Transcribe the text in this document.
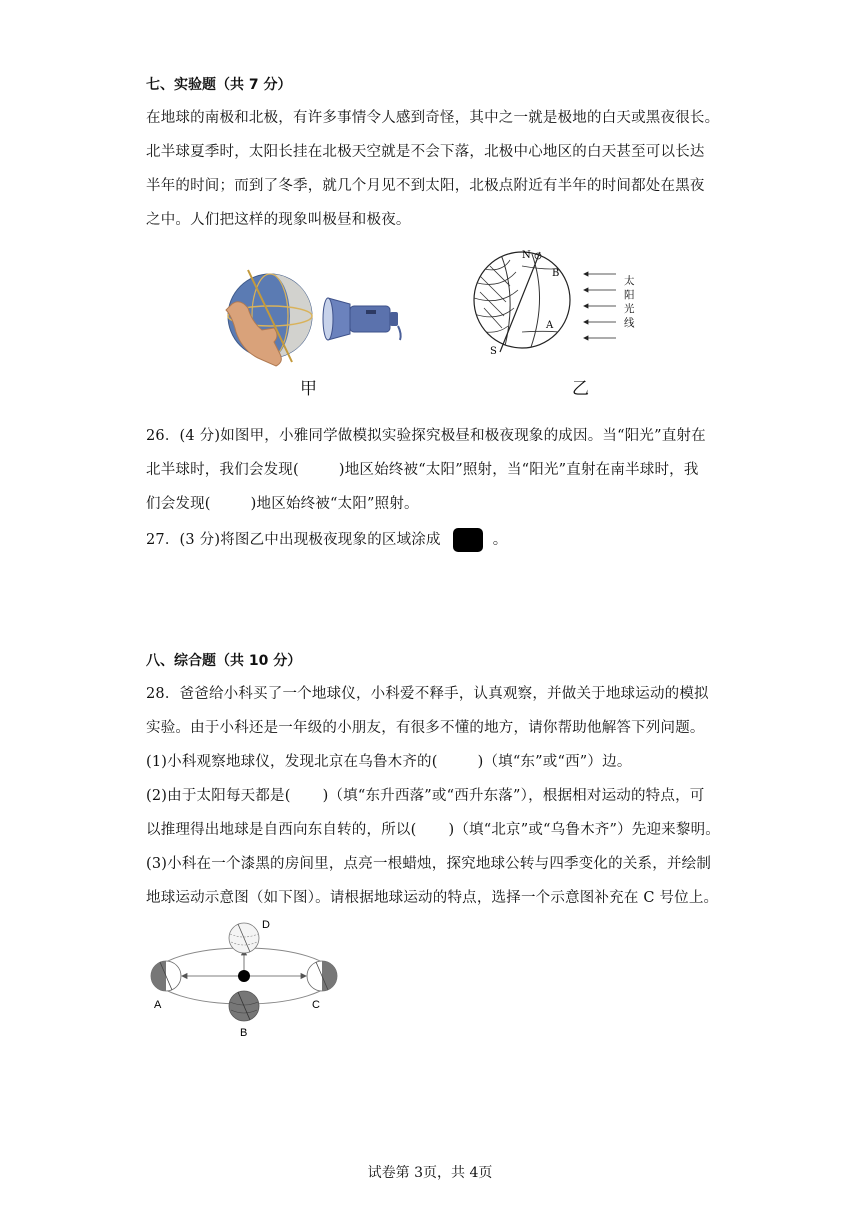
七、实验题（共 7 分）
在地球的南极和北极，有许多事情令人感到奇怪，其中之一就是极地的白天或黑夜很长。
北半球夏季时，太阳长挂在北极天空就是不会下落，北极中心地区的白天甚至可以长达
半年的时间；而到了冬季，就几个月见不到太阳，北极点附近有半年的时间都处在黑夜
之中。人们把这样的现象叫极昼和极夜。
甲
N
B
A
S
太阳光线
乙
26．(4 分)如图甲，小雅同学做模拟实验探究极昼和极夜现象的成因。当“阳光”直射在
北半球时，我们会发现(	)地区始终被“太阳”照射，当“阳光”直射在南半球时，我
们会发现(	)地区始终被“太阳”照射。
27．(3 分)将图乙中出现极夜现象的区域涂成	。
八、综合题（共 10 分）
28．爸爸给小科买了一个地球仪，小科爱不释手，认真观察，并做关于地球运动的模拟
实验。由于小科还是一年级的小朋友，有很多不懂的地方，请你帮助他解答下列问题。
(1)小科观察地球仪，发现北京在乌鲁木齐的(	)（填“东”或“西”）边。
(2)由于太阳每天都是( )（填“东升西落”或“西升东落”），根据相对运动的特点，可
以推理得出地球是自西向东自转的，所以( )（填“北京”或“乌鲁木齐”）先迎来黎明。
(3)小科在一个漆黑的房间里，点亮一根蜡烛，探究地球公转与四季变化的关系，并绘制
地球运动示意图（如下图）。请根据地球运动的特点，选择一个示意图补充在 C 号位上。
A
B
C
D
试卷第 3页，共 4页
